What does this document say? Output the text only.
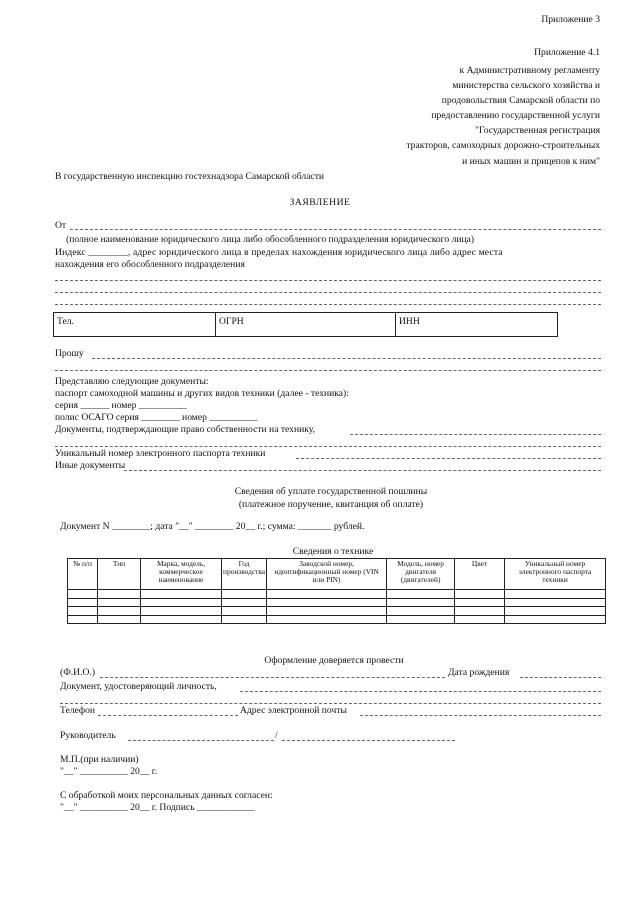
Приложение 3
Приложение 4.1
к Административному регламенту
министерства сельского хозяйства и
продовольствия Самарской области по
предоставлению государственной услуги
"Государственная регистрация
тракторов, самоходных дорожно-строительных
и иных машин и прицепов к ним"
В государственную инспекцию гостехнадзора Самарской области
ЗАЯВЛЕНИЕ
От
(полное наименование юридического лица либо обособленного подразделения юридического лица)
Индекс ________, адрес юридического лица в пределах нахождения юридического лица либо адрес места
нахождения его обособленного подразделения
Тел.	ОГРН	ИНН
Прошу
Представляю следующие документы:
паспорт самоходной машины и других видов техники (далее - техника):
серия ______ номер __________
полис ОСАГО серия ________ номер __________
Документы, подтверждающие право собственности на технику,
Уникальный номер электронного паспорта техники
Иные документы
Сведения об уплате государственной пошлины
(платежное поручение, квитанция об оплате)
Документ N ________; дата "__" ________ 20__ г.; сумма: _______ рублей.
Сведения о технике
№ п/п	Тип	Марка, модель, коммерческое наименование	Год производства	Заводской номер, идентификационный номер (VIN или PIN)	Модель, номер двигателя (двигателей)	Цвет	Уникальный номер электронного паспорта техники

Оформление доверяется провести
(Ф.И.О.)	Дата рождения
Документ, удостоверяющий личность,
Телефон	Адрес электронной почты
Руководитель	/
М.П.(при наличии)
"__" __________ 20__ г.
С обработкой моих персональных данных согласен:
"__" __________ 20__ г. Подпись ____________
